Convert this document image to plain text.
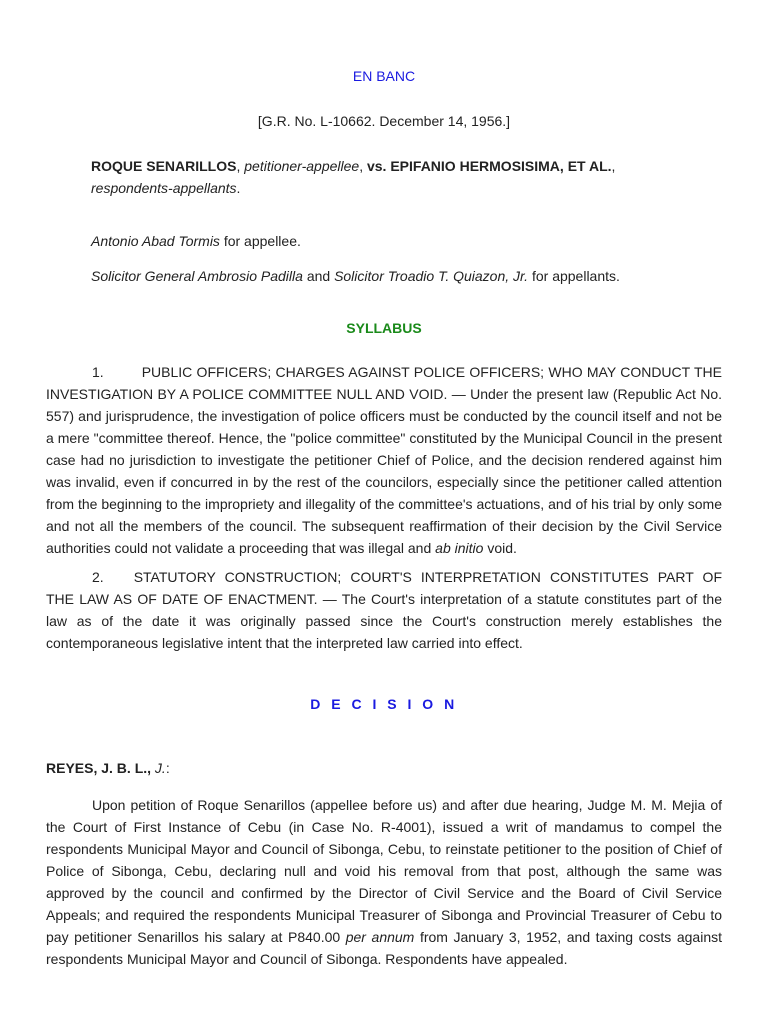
EN BANC
[G.R. No. L-10662. December 14, 1956.]
ROQUE SENARILLOS, petitioner-appellee, vs. EPIFANIO HERMOSISIMA, ET AL., respondents-appellants.
Antonio Abad Tormis for appellee.
Solicitor General Ambrosio Padilla and Solicitor Troadio T. Quiazon, Jr. for appellants.
SYLLABUS
1.	PUBLIC OFFICERS; CHARGES AGAINST POLICE OFFICERS; WHO MAY CONDUCT THE INVESTIGATION BY A POLICE COMMITTEE NULL AND VOID. — Under the present law (Republic Act No. 557) and jurisprudence, the investigation of police officers must be conducted by the council itself and not be a mere "committee thereof. Hence, the "police committee" constituted by the Municipal Council in the present case had no jurisdiction to investigate the petitioner Chief of Police, and the decision rendered against him was invalid, even if concurred in by the rest of the councilors, especially since the petitioner called attention from the beginning to the impropriety and illegality of the committee's actuations, and of his trial by only some and not all the members of the council. The subsequent reaffirmation of their decision by the Civil Service authorities could not validate a proceeding that was illegal and ab initio void.
2. STATUTORY CONSTRUCTION; COURT'S INTERPRETATION CONSTITUTES PART OF THE LAW AS OF DATE OF ENACTMENT. — The Court's interpretation of a statute constitutes part of the law as of the date it was originally passed since the Court's construction merely establishes the contemporaneous legislative intent that the interpreted law carried into effect.
D E C I S I O N
REYES, J. B. L., J.:
Upon petition of Roque Senarillos (appellee before us) and after due hearing, Judge M. M. Mejia of the Court of First Instance of Cebu (in Case No. R-4001), issued a writ of mandamus to compel the respondents Municipal Mayor and Council of Sibonga, Cebu, to reinstate petitioner to the position of Chief of Police of Sibonga, Cebu, declaring null and void his removal from that post, although the same was approved by the council and confirmed by the Director of Civil Service and the Board of Civil Service Appeals; and required the respondents Municipal Treasurer of Sibonga and Provincial Treasurer of Cebu to pay petitioner Senarillos his salary at P840.00 per annum from January 3, 1952, and taxing costs against respondents Municipal Mayor and Council of Sibonga. Respondents have appealed.
